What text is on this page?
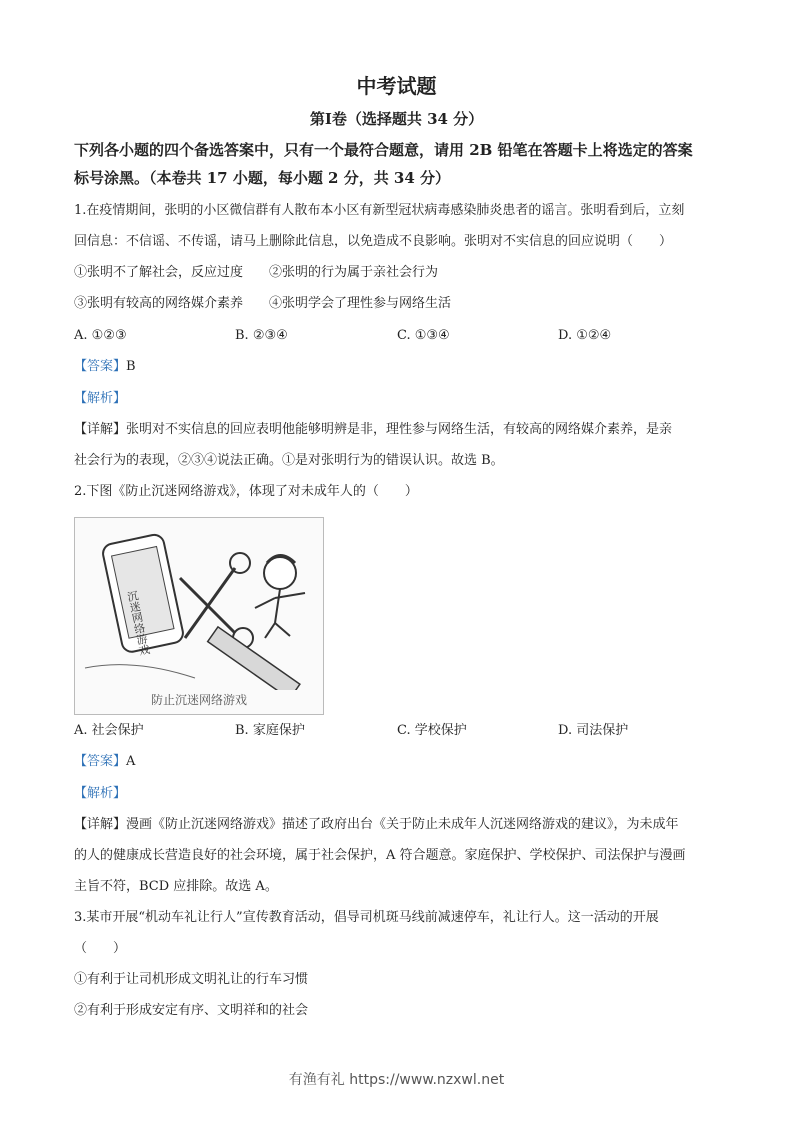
中考试题
第Ⅰ卷（选择题共 34 分）
下列各小题的四个备选答案中，只有一个最符合题意，请用 2B 铅笔在答题卡上将选定的答案
标号涂黑。（本卷共 17 小题，每小题 2 分，共 34 分）
1.在疫情期间，张明的小区微信群有人散布本小区有新型冠状病毒感染肺炎患者的谣言。张明看到后，立刻
回信息：不信谣、不传谣，请马上删除此信息，以免造成不良影响。张明对不实信息的回应说明（　　）
①张明不了解社会，反应过度　　②张明的行为属于亲社会行为
③张明有较高的网络媒介素养　　④张明学会了理性参与网络生活
A. ①②③	B. ②③④	C. ①③④	D. ①②④
【答案】B
【解析】
【详解】张明对不实信息的回应表明他能够明辨是非，理性参与网络生活，有较高的网络媒介素养，是亲
社会行为的表现，②③④说法正确。①是对张明行为的错误认识。故选 B。
2.下图《防止沉迷网络游戏》，体现了对未成年人的（　　）
沉迷网络游戏
防止沉迷网络游戏
A. 社会保护	B. 家庭保护	C. 学校保护	D. 司法保护
【答案】A
【解析】
【详解】漫画《防止沉迷网络游戏》描述了政府出台《关于防止未成年人沉迷网络游戏的建议》，为未成年
的人的健康成长营造良好的社会环境，属于社会保护，A 符合题意。家庭保护、学校保护、司法保护与漫画
主旨不符，BCD 应排除。故选 A。
3.某市开展“机动车礼让行人”宣传教育活动，倡导司机斑马线前减速停车，礼让行人。这一活动的开展
（　　）
①有利于让司机形成文明礼让的行车习惯
②有利于形成安定有序、文明祥和的社会
有渔有礼 https://www.nzxwl.net
